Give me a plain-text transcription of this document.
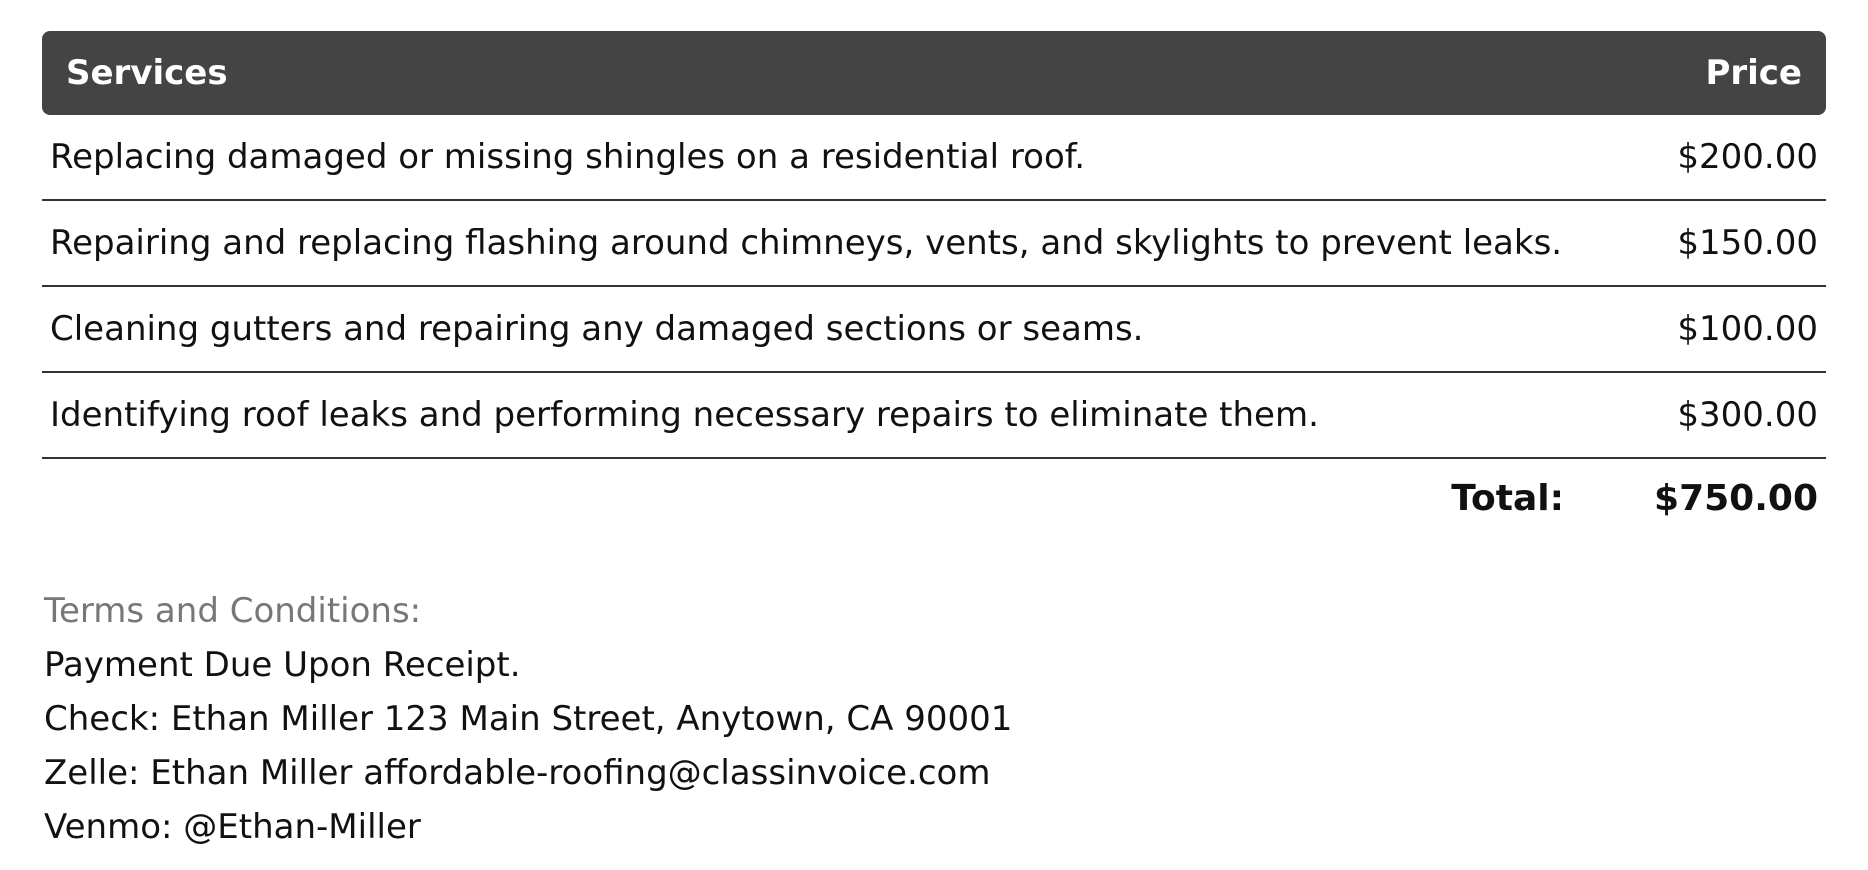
Services	Price
Replacing damaged or missing shingles on a residential roof.	$200.00
Repairing and replacing flashing around chimneys, vents, and skylights to prevent leaks.	$150.00
Cleaning gutters and repairing any damaged sections or seams.	$100.00
Identifying roof leaks and performing necessary repairs to eliminate them.	$300.00
Total:	$750.00
Terms and Conditions:
Payment Due Upon Receipt.
Check: Ethan Miller 123 Main Street, Anytown, CA 90001
Zelle: Ethan Miller affordable-roofing@classinvoice.com
Venmo: @Ethan-Miller
